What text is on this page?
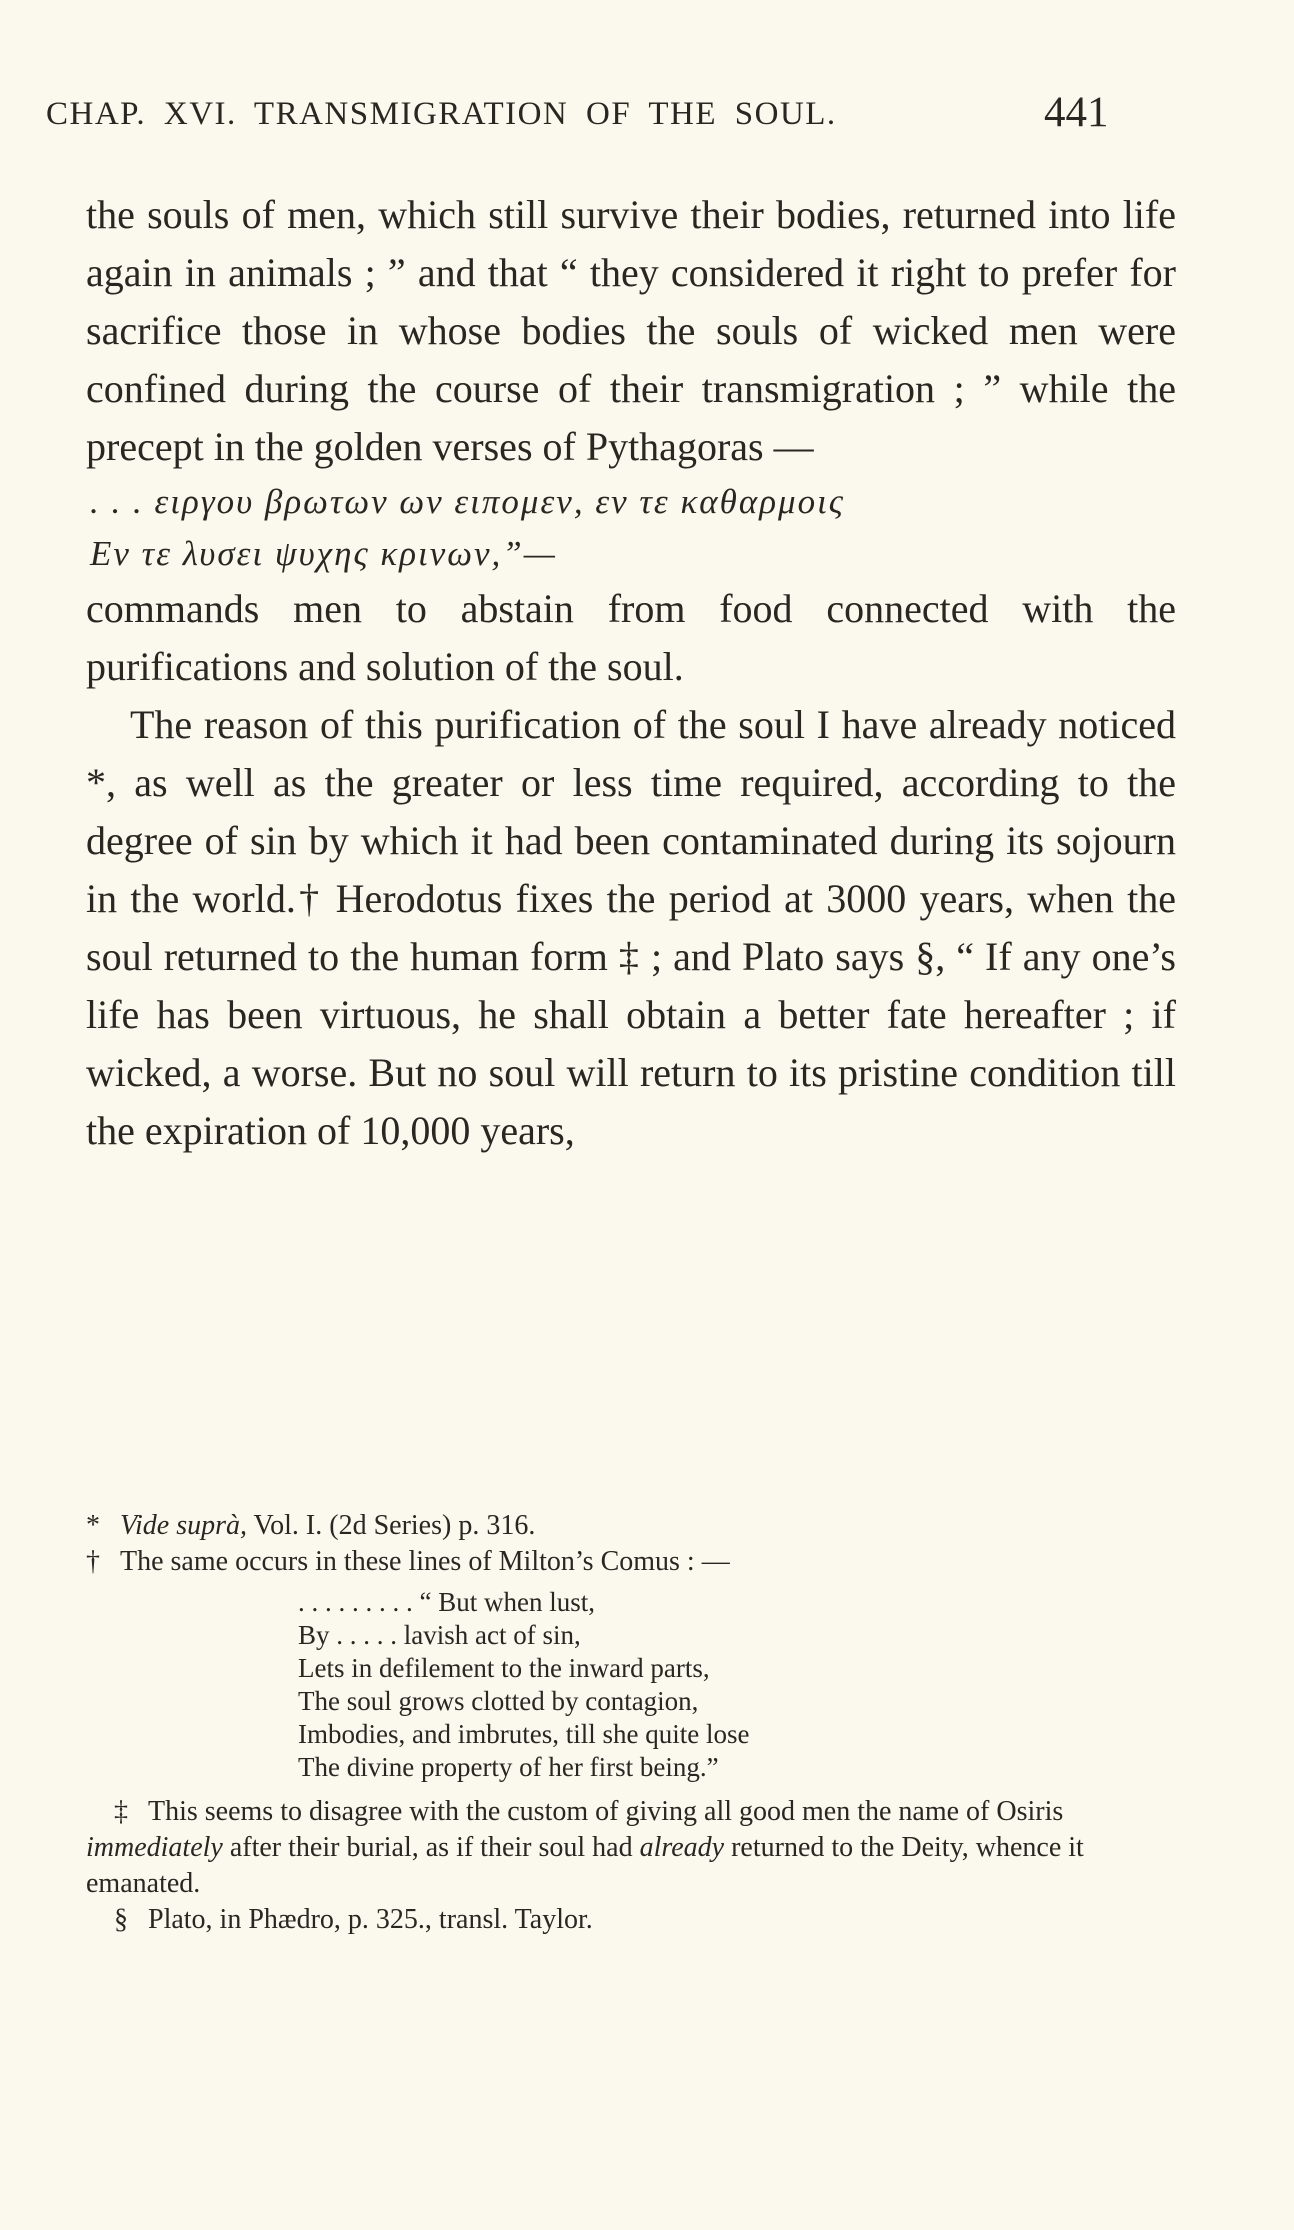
CHAP. XVI. TRANSMIGRATION OF THE SOUL.	441

the souls of men, which still survive their bodies, returned into life again in animals ; ” and that “ they considered it right to prefer for sacrifice those in whose bodies the souls of wicked men were confined during the course of their transmigration ; ” while the precept in the golden verses of Pythagoras —

. . . ειργου βρωτων ων ειπομεν, εν τε καθαρμοις
Εν τε λυσει ψυχης κρινων,”—

commands men to abstain from food connected with the purifications and solution of the soul.

The reason of this purification of the soul I have already noticed *, as well as the greater or less time required, according to the degree of sin by which it had been contaminated during its sojourn in the world.† Herodotus fixes the period at 3000 years, when the soul returned to the human form ‡ ; and Plato says §, “ If any one’s life has been virtuous, he shall obtain a better fate hereafter ; if wicked, a worse. But no soul will return to its pristine condition till the expiration of 10,000 years,

* Vide suprà, Vol. I. (2d Series) p. 316.

† The same occurs in these lines of Milton’s Comus : —

. . . . . . . . . “ But when lust,
By . . . . . lavish act of sin,
Lets in defilement to the inward parts,
The soul grows clotted by contagion,
Imbodies, and imbrutes, till she quite lose
The divine property of her first being.”

‡ This seems to disagree with the custom of giving all good men the name of Osiris immediately after their burial, as if their soul had already returned to the Deity, whence it emanated.

§ Plato, in Phædro, p. 325., transl. Taylor.
